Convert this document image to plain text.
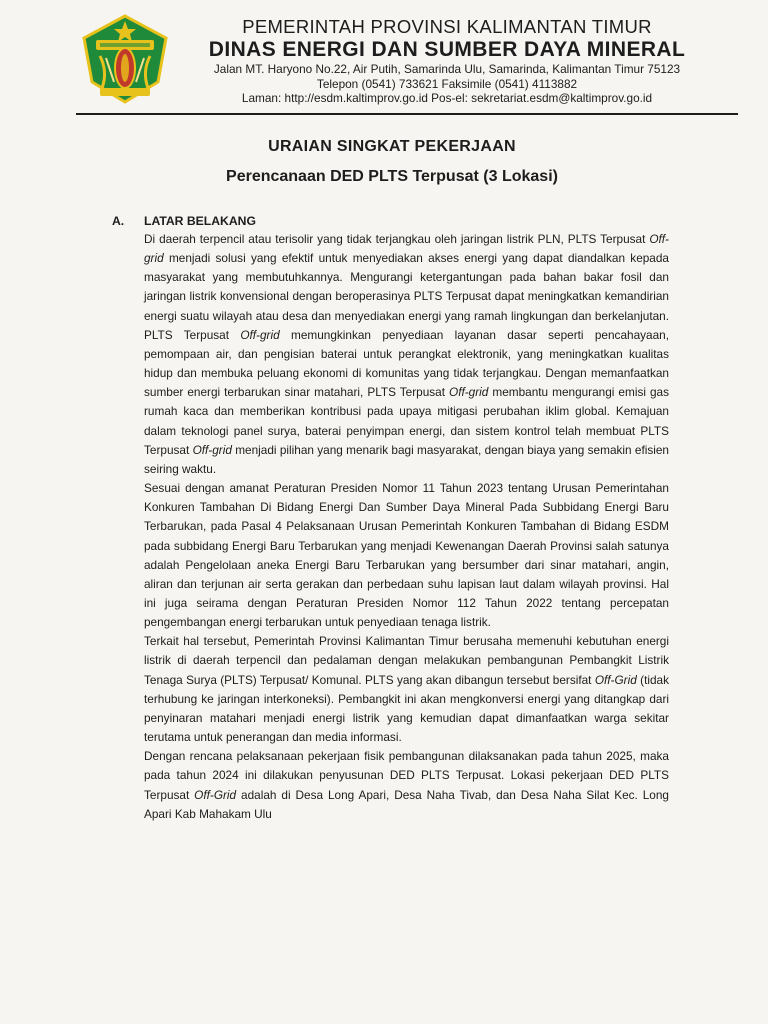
PEMERINTAH PROVINSI KALIMANTAN TIMUR
DINAS ENERGI DAN SUMBER DAYA MINERAL
Jalan MT. Haryono No.22, Air Putih, Samarinda Ulu, Samarinda, Kalimantan Timur 75123
Telepon (0541) 733621 Faksimile (0541) 4113882
Laman: http://esdm.kaltimprov.go.id Pos-el: sekretariat.esdm@kaltimprov.go.id
URAIAN SINGKAT PEKERJAAN
Perencanaan DED PLTS Terpusat (3 Lokasi)
A.	LATAR BELAKANG

Di daerah terpencil atau terisolir yang tidak terjangkau oleh jaringan listrik PLN, PLTS Terpusat Off-grid menjadi solusi yang efektif untuk menyediakan akses energi yang dapat diandalkan kepada masyarakat yang membutuhkannya. Mengurangi ketergantungan pada bahan bakar fosil dan jaringan listrik konvensional dengan beroperasinya PLTS Terpusat dapat meningkatkan kemandirian energi suatu wilayah atau desa dan menyediakan energi yang ramah lingkungan dan berkelanjutan. PLTS Terpusat Off-grid memungkinkan penyediaan layanan dasar seperti pencahayaan, pemompaan air, dan pengisian baterai untuk perangkat elektronik, yang meningkatkan kualitas hidup dan membuka peluang ekonomi di komunitas yang tidak terjangkau. Dengan memanfaatkan sumber energi terbarukan sinar matahari, PLTS Terpusat Off-grid membantu mengurangi emisi gas rumah kaca dan memberikan kontribusi pada upaya mitigasi perubahan iklim global. Kemajuan dalam teknologi panel surya, baterai penyimpan energi, dan sistem kontrol telah membuat PLTS Terpusat Off-grid menjadi pilihan yang menarik bagi masyarakat, dengan biaya yang semakin efisien seiring waktu.

Sesuai dengan amanat Peraturan Presiden Nomor 11 Tahun 2023 tentang Urusan Pemerintahan Konkuren Tambahan Di Bidang Energi Dan Sumber Daya Mineral Pada Subbidang Energi Baru Terbarukan, pada Pasal 4 Pelaksanaan Urusan Pemerintah Konkuren Tambahan di Bidang ESDM pada subbidang Energi Baru Terbarukan yang menjadi Kewenangan Daerah Provinsi salah satunya adalah Pengelolaan aneka Energi Baru Terbarukan yang bersumber dari sinar matahari, angin, aliran dan terjunan air serta gerakan dan perbedaan suhu lapisan laut dalam wilayah provinsi. Hal ini juga seirama dengan Peraturan Presiden Nomor 112 Tahun 2022 tentang percepatan pengembangan energi terbarukan untuk penyediaan tenaga listrik.

Terkait hal tersebut, Pemerintah Provinsi Kalimantan Timur berusaha memenuhi kebutuhan energi listrik di daerah terpencil dan pedalaman dengan melakukan pembangunan Pembangkit Listrik Tenaga Surya (PLTS) Terpusat/ Komunal. PLTS yang akan dibangun tersebut bersifat Off-Grid (tidak terhubung ke jaringan interkoneksi). Pembangkit ini akan mengkonversi energi yang ditangkap dari penyinaran matahari menjadi energi listrik yang kemudian dapat dimanfaatkan warga sekitar terutama untuk penerangan dan media informasi.

Dengan rencana pelaksanaan pekerjaan fisik pembangunan dilaksanakan pada tahun 2025, maka pada tahun 2024 ini dilakukan penyusunan DED PLTS Terpusat. Lokasi pekerjaan DED PLTS Terpusat Off-Grid adalah di Desa Long Apari, Desa Naha Tivab, dan Desa Naha Silat Kec. Long Apari Kab Mahakam Ulu
